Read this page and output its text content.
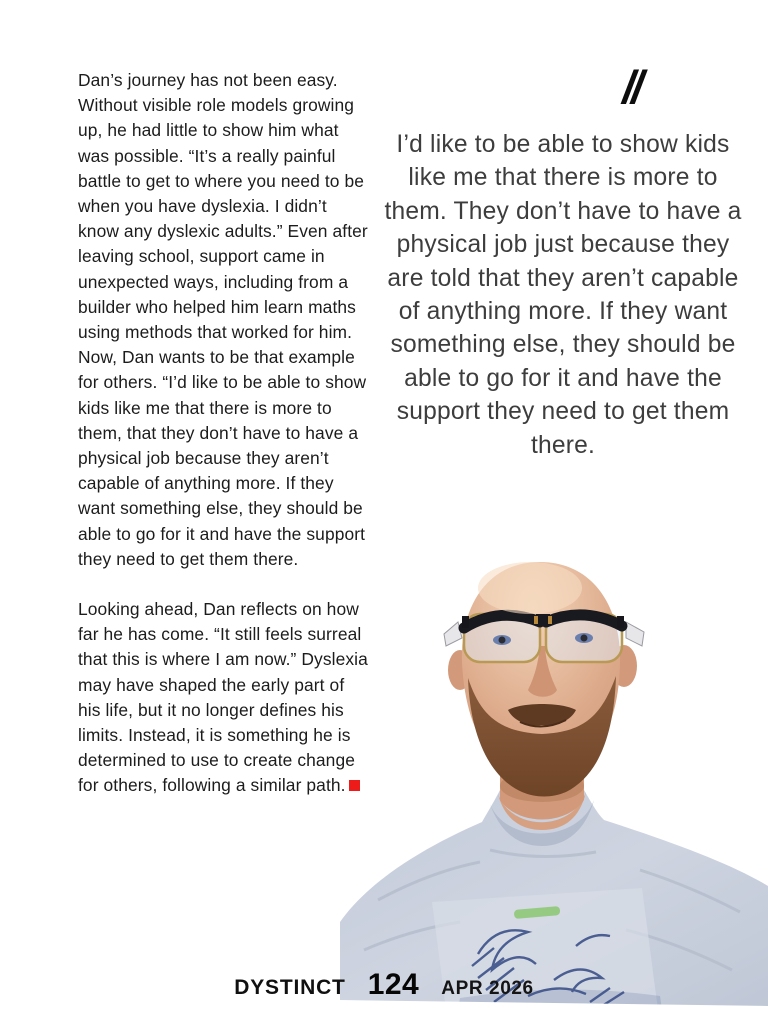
Dan’s journey has not been easy. Without visible role models growing up, he had little to show him what was possible. “It’s a really painful battle to get to where you need to be when you have dyslexia. I didn’t know any dyslexic adults.” Even after leaving school, support came in unexpected ways, including from a builder who helped him learn maths using methods that worked for him. Now, Dan wants to be that example for others. “I’d like to be able to show kids like me that there is more to them, that they don’t have to have a physical job because they aren’t capable of anything more. If they want something else, they should be able to go for it and have the support they need to get them there.

Looking ahead, Dan reflects on how far he has come. “It still feels surreal that this is where I am now.” Dyslexia may have shaped the early part of his life, but it no longer defines his limits. Instead, it is something he is determined to use to create change for others, following a similar path.

//
I’d like to be able to show kids like me that there is more to them. They don’t have to have a physical job just because they are told that they aren’t capable of anything more. If they want something else, they should be able to go for it and have the support they need to get them there.
DYSTINCT 124 APR 2026
